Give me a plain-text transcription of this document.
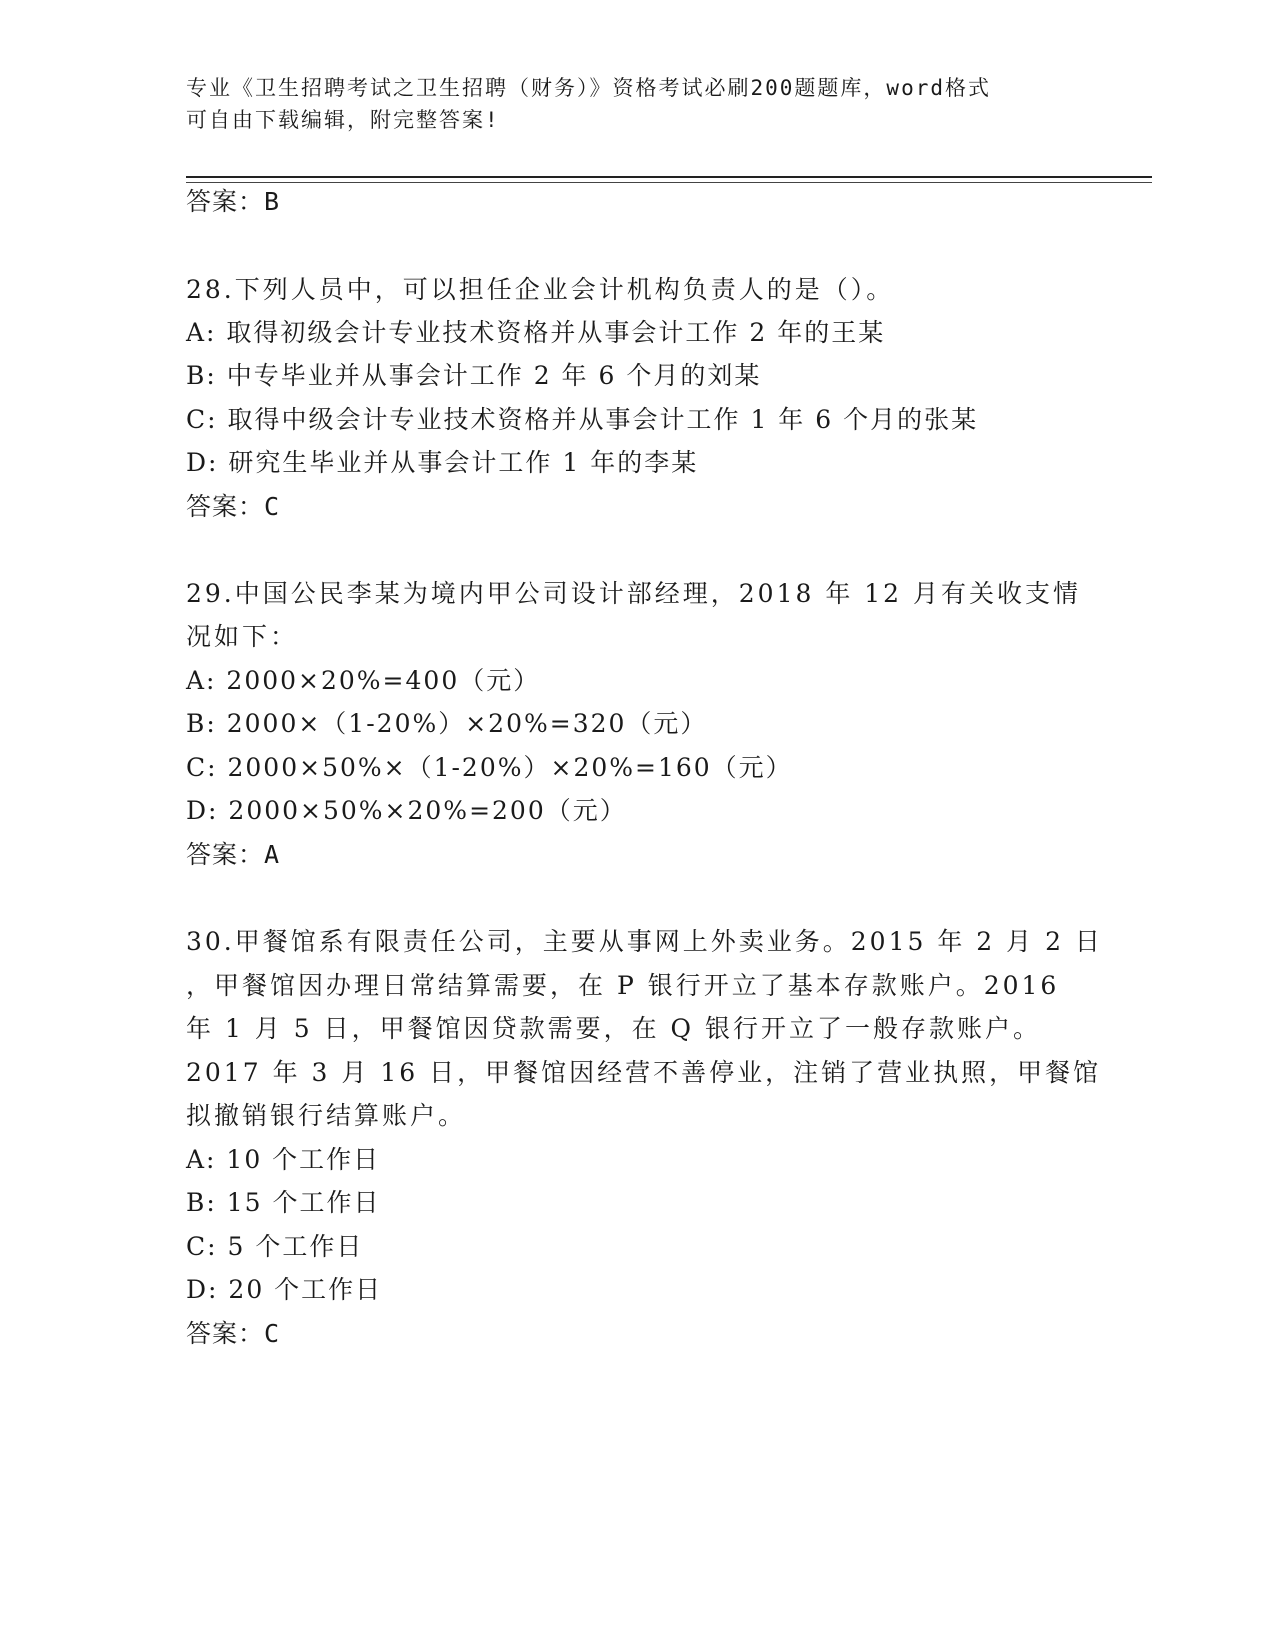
专业《卫生招聘考试之卫生招聘（财务）》资格考试必刷200题题库，word格式
可自由下载编辑，附完整答案!
答案：B
28.下列人员中，可以担任企业会计机构负责人的是（）。
A: 取得初级会计专业技术资格并从事会计工作 2 年的王某
B: 中专毕业并从事会计工作 2 年 6 个月的刘某
C: 取得中级会计专业技术资格并从事会计工作 1 年 6 个月的张某
D: 研究生毕业并从事会计工作 1 年的李某
答案：C
29.中国公民李某为境内甲公司设计部经理，2018 年 12 月有关收支情
况如下：
A: 2000×20%=400（元）
B: 2000×（1-20%）×20%=320（元）
C: 2000×50%×（1-20%）×20%=160（元）
D: 2000×50%×20%=200（元）
答案：A
30.甲餐馆系有限责任公司，主要从事网上外卖业务。2015 年 2 月 2 日
，甲餐馆因办理日常结算需要，在 P 银行开立了基本存款账户。2016
年 1 月 5 日，甲餐馆因贷款需要，在 Q 银行开立了一般存款账户。
2017 年 3 月 16 日，甲餐馆因经营不善停业，注销了营业执照，甲餐馆
拟撤销银行结算账户。
A: 10 个工作日
B: 15 个工作日
C: 5 个工作日
D: 20 个工作日
答案：C
